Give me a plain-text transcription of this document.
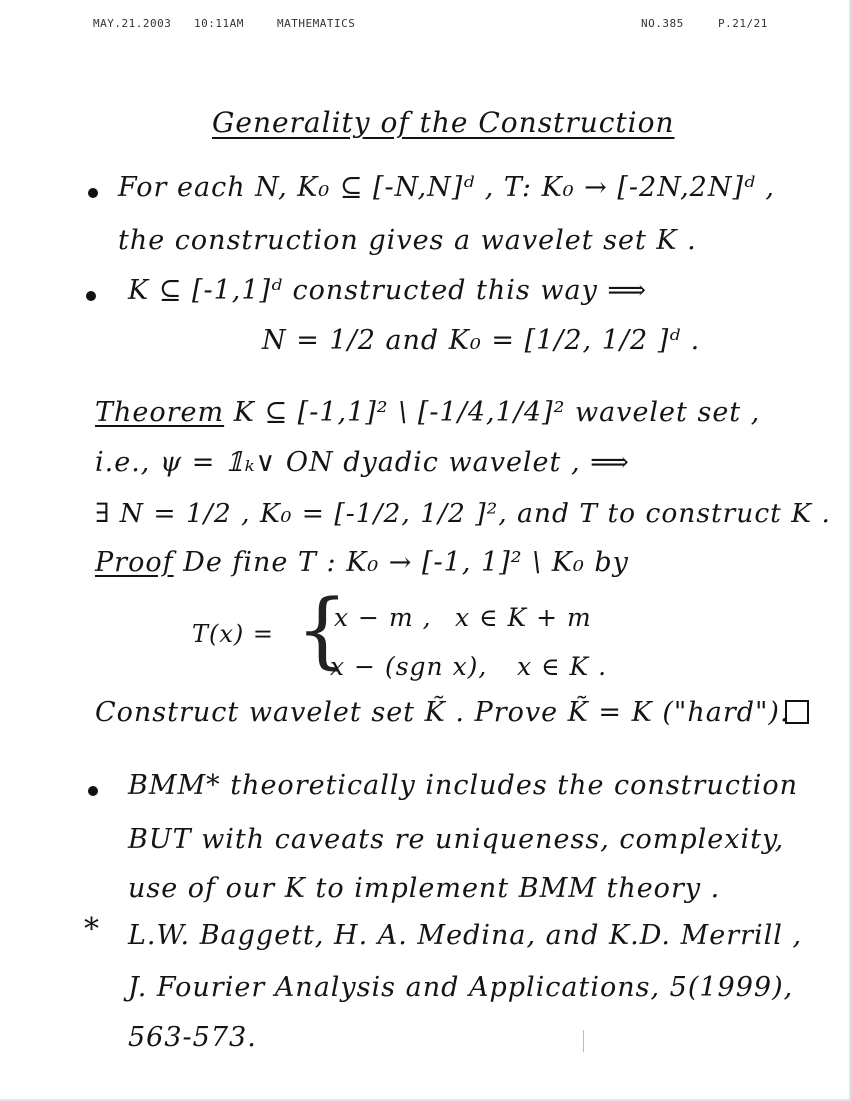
MAY.21.2003 10:11AM	MATHEMATICS	NO.385	P.21/21
Generality of the Construction
For each N, K₀ ⊆ [-N,N]ᵈ , T: K₀ → [-2N,2N]ᵈ ,
the construction gives a wavelet set K .
K ⊆ [-1,1]ᵈ constructed this way ⟹
N = 1/2 and K₀ = [1/2, 1/2 ]ᵈ .
Theorem K ⊆ [-1,1]² \ [-1/4,1/4]² wavelet set ,
i.e., ψ = 𝟙ₖ∨ ON dyadic wavelet , ⟹
∃ N = 1/2 , K₀ = [-1/2, 1/2 ]², and T to construct K .
Proof De fine T : K₀ → [-1, 1]² \ K₀ by
T(x) = {
x − m , x ∈ K + m
x − (sgn x), x ∈ K .
Construct wavelet set K̃ . Prove K̃ = K ("hard").
BMM* theoretically includes the construction
BUT with caveats re uniqueness, complexity,
use of our K to implement BMM theory .
* L.W. Baggett, H. A. Medina, and K.D. Merrill ,
J. Fourier Analysis and Applications, 5(1999),
563-573.
